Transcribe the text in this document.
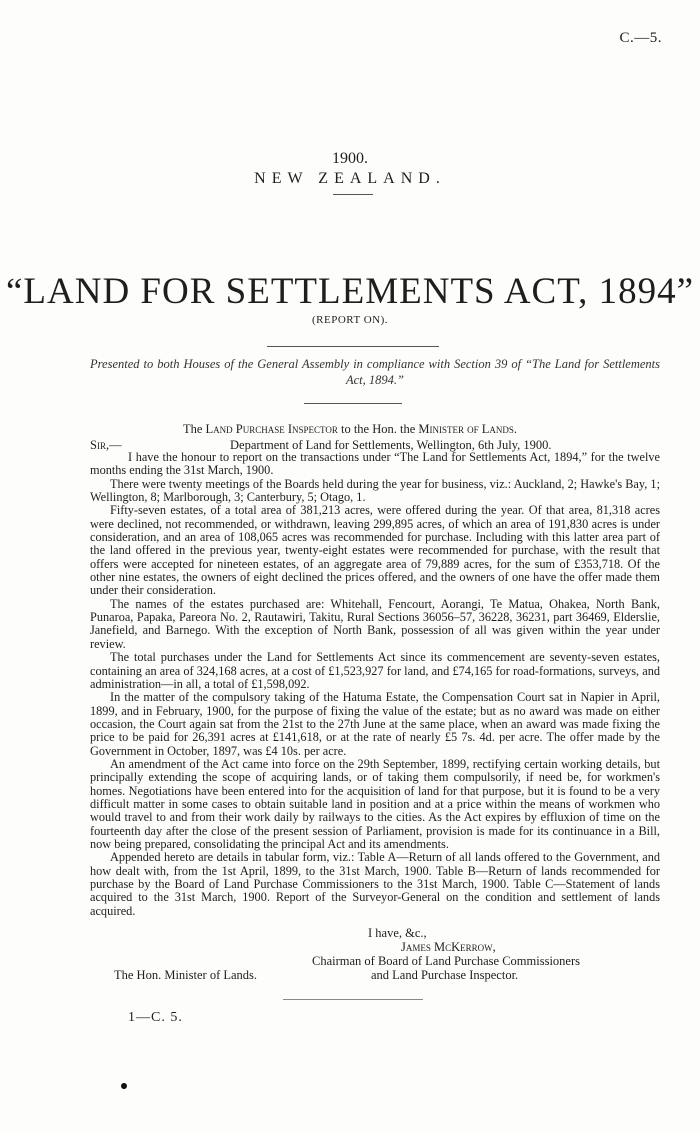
C.—5.
1900.
NEW ZEALAND.
“LAND FOR SETTLEMENTS ACT, 1894”
(REPORT ON).
Presented to both Houses of the General Assembly in compliance with Section 39 of “The Land for Settlements Act, 1894.”
The Land Purchase Inspector to the Hon. the Minister of Lands.
Sir,—	Department of Land for Settlements, Wellington, 6th July, 1900.

I have the honour to report on the transactions under “The Land for Settlements Act, 1894,” for the twelve months ending the 31st March, 1900.

There were twenty meetings of the Boards held during the year for business, viz.: Auckland, 2; Hawke's Bay, 1; Wellington, 8; Marlborough, 3; Canterbury, 5; Otago, 1.

Fifty-seven estates, of a total area of 381,213 acres, were offered during the year. Of that area, 81,318 acres were declined, not recommended, or withdrawn, leaving 299,895 acres, of which an area of 191,830 acres is under consideration, and an area of 108,065 acres was recommended for purchase. Including with this latter area part of the land offered in the previous year, twenty-eight estates were recommended for purchase, with the result that offers were accepted for nineteen estates, of an aggregate area of 79,889 acres, for the sum of £353,718. Of the other nine estates, the owners of eight declined the prices offered, and the owners of one have the offer made them under their consideration.

The names of the estates purchased are: Whitehall, Fencourt, Aorangi, Te Matua, Ohakea, North Bank, Punaroa, Papaka, Pareora No. 2, Rautawiri, Takitu, Rural Sections 36056–57, 36228, 36231, part 36469, Elderslie, Janefield, and Barnego. With the exception of North Bank, possession of all was given within the year under review.

The total purchases under the Land for Settlements Act since its commencement are seventy-seven estates, containing an area of 324,168 acres, at a cost of £1,523,927 for land, and £74,165 for road-formations, surveys, and administration—in all, a total of £1,598,092.

In the matter of the compulsory taking of the Hatuma Estate, the Compensation Court sat in Napier in April, 1899, and in February, 1900, for the purpose of fixing the value of the estate; but as no award was made on either occasion, the Court again sat from the 21st to the 27th June at the same place, when an award was made fixing the price to be paid for 26,391 acres at £141,618, or at the rate of nearly £5 7s. 4d. per acre. The offer made by the Government in October, 1897, was £4 10s. per acre.

An amendment of the Act came into force on the 29th September, 1899, rectifying certain working details, but principally extending the scope of acquiring lands, or of taking them compulsorily, if need be, for workmen's homes. Negotiations have been entered into for the acquisition of land for that purpose, but it is found to be a very difficult matter in some cases to obtain suitable land in position and at a price within the means of workmen who would travel to and from their work daily by railways to the cities. As the Act expires by effluxion of time on the fourteenth day after the close of the present session of Parliament, provision is made for its continuance in a Bill, now being prepared, consolidating the principal Act and its amendments.

Appended hereto are details in tabular form, viz.: Table A—Return of all lands offered to the Government, and how dealt with, from the 1st April, 1899, to the 31st March, 1900. Table B—Return of lands recommended for purchase by the Board of Land Purchase Commissioners to the 31st March, 1900. Table C—Statement of lands acquired to the 31st March, 1900. Report of the Surveyor-General on the condition and settlement of lands acquired.

I have, &c.,
James McKerrow,
Chairman of Board of Land Purchase Commissioners
The Hon. Minister of Lands.	and Land Purchase Inspector.
1—C. 5.
